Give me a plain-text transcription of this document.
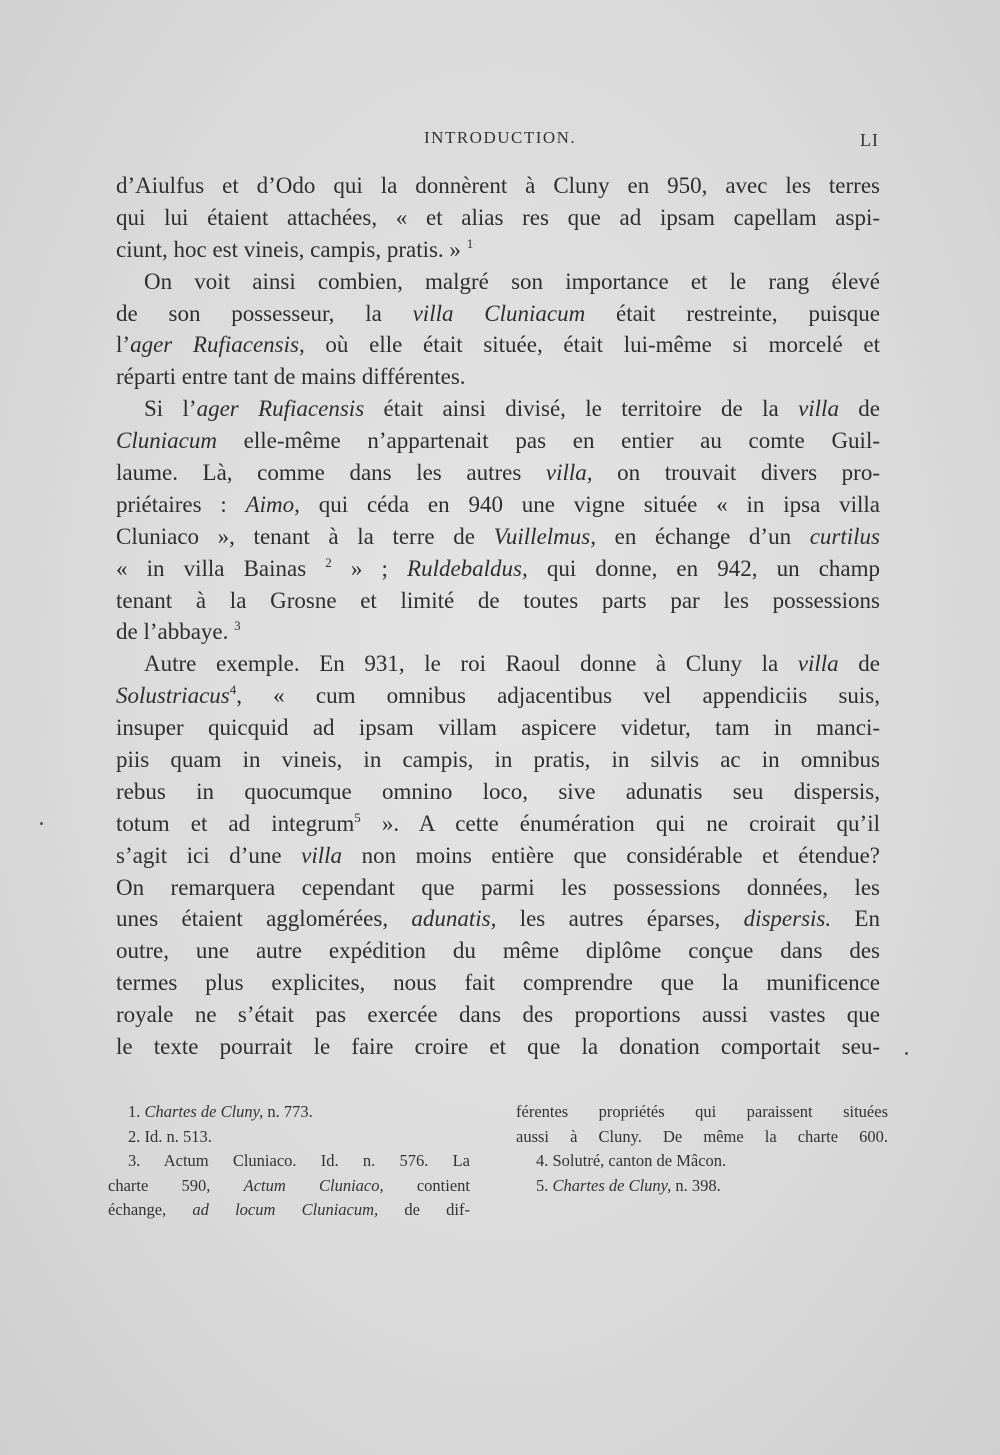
INTRODUCTION.	LI
d’Aiulfus et d’Odo qui la donnèrent à Cluny en 950, avec les terres
qui lui étaient attachées, « et alias res que ad ipsam capellam aspi-
ciunt, hoc est vineis, campis, pratis. » $^1$
On voit ainsi combien, malgré son importance et le rang élevé
de son possesseur, la villa Cluniacum était restreinte, puisque
l’ager Rufiacensis, où elle était située, était lui-même si morcelé et
réparti entre tant de mains différentes.
Si l’ager Rufiacensis était ainsi divisé, le territoire de la villa de
Cluniacum elle-même n’appartenait pas en entier au comte Guil-
laume. Là, comme dans les autres villa, on trouvait divers pro-
priétaires : Aimo, qui céda en 940 une vigne située « in ipsa villa
Cluniaco », tenant à la terre de Vuillelmus, en échange d’un curtilus
« in villa Bainas $^2$ » ; Ruldebaldus, qui donne, en 942, un champ
tenant à la Grosne et limité de toutes parts par les possessions
de l’abbaye. $^3$
Autre exemple. En 931, le roi Raoul donne à Cluny la villa de
Solustriacus$^4$, « cum omnibus adjacentibus vel appendiciis suis,
insuper quicquid ad ipsam villam aspicere videtur, tam in manci-
piis quam in vineis, in campis, in pratis, in silvis ac in omnibus
rebus in quocumque omnino loco, sive adunatis seu dispersis,
totum et ad integrum$^5$ ». A cette énumération qui ne croirait qu’il
s’agit ici d’une villa non moins entière que considérable et étendue?
On remarquera cependant que parmi les possessions données, les
unes étaient agglomérées, adunatis, les autres éparses, dispersis. En
outre, une autre expédition du même diplôme conçue dans des
termes plus explicites, nous fait comprendre que la munificence
royale ne s’était pas exercée dans des proportions aussi vastes que
le texte pourrait le faire croire et que la donation comportait seu-
1. Chartes de Cluny, n. 773.
2. Id. n. 513.
3. Actum Cluniaco. Id. n. 576. La
charte 590, Actum Cluniaco, contient
échange, ad locum Cluniacum, de dif-
férentes propriétés qui paraissent situées
aussi à Cluny. De même la charte 600.
4. Solutré, canton de Mâcon.
5. Chartes de Cluny, n. 398.
